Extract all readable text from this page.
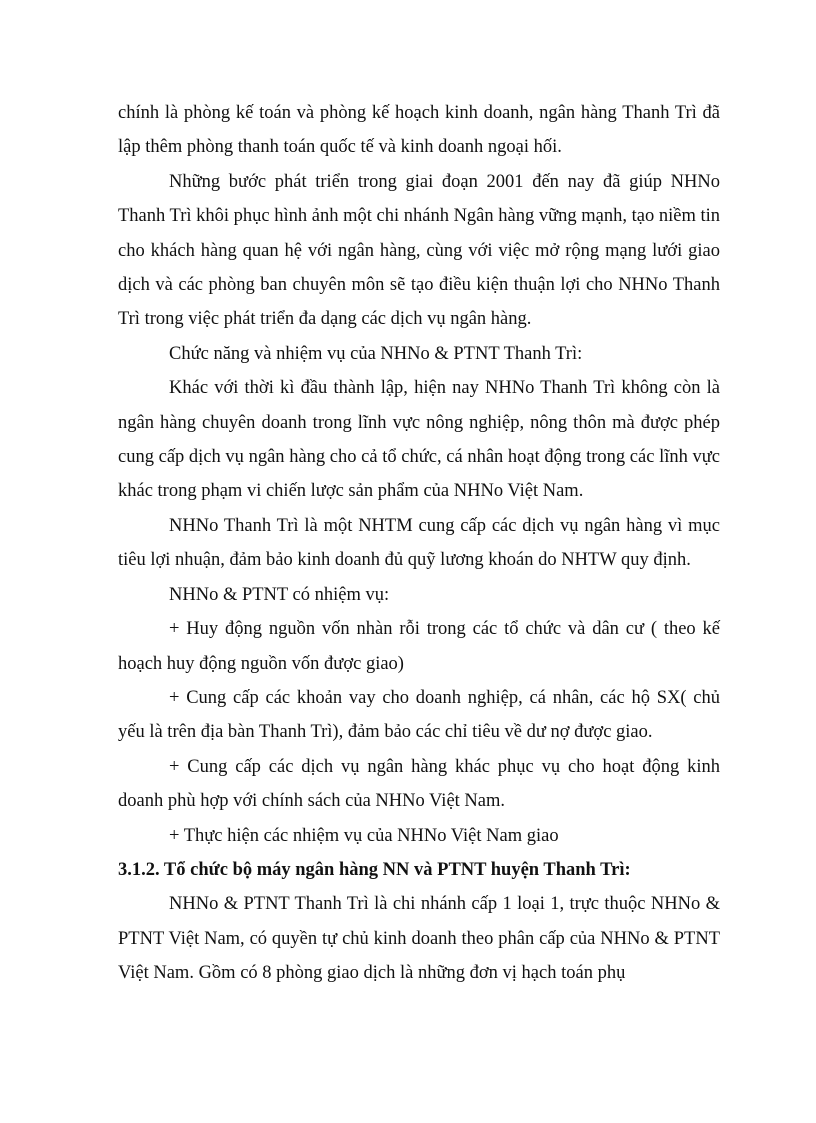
chính là phòng kế toán và phòng kế hoạch kinh doanh, ngân hàng Thanh Trì đã lập thêm phòng thanh toán quốc tế và kinh doanh ngoại hối.

Những bước phát triển trong giai đoạn 2001 đến nay đã giúp NHNo Thanh Trì khôi phục hình ảnh một chi nhánh Ngân hàng vững mạnh, tạo niềm tin cho khách hàng quan hệ với ngân hàng, cùng với việc mở rộng mạng lưới giao dịch và các phòng ban chuyên môn sẽ tạo điều kiện thuận lợi cho NHNo Thanh Trì trong việc phát triển đa dạng các dịch vụ ngân hàng.

Chức năng và nhiệm vụ của NHNo & PTNT Thanh Trì:

Khác với thời kì đầu thành lập, hiện nay NHNo Thanh Trì không còn là ngân hàng chuyên doanh trong lĩnh vực nông nghiệp, nông thôn mà được phép cung cấp dịch vụ ngân hàng cho cả tổ chức, cá nhân hoạt động trong các lĩnh vực khác trong phạm vi chiến lược sản phẩm của NHNo Việt Nam.

NHNo Thanh Trì là một NHTM cung cấp các dịch vụ ngân hàng vì mục tiêu lợi nhuận, đảm bảo kinh doanh đủ quỹ lương khoán do NHTW quy định.

NHNo & PTNT có nhiệm vụ:

+ Huy động nguồn vốn nhàn rỗi trong các tổ chức và dân cư ( theo kế hoạch huy động nguồn vốn được giao)

+ Cung cấp các khoản vay cho doanh nghiệp, cá nhân, các hộ SX( chủ yếu là trên địa bàn Thanh Trì), đảm bảo các chỉ tiêu về dư nợ được giao.

+ Cung cấp các dịch vụ ngân hàng khác phục vụ cho hoạt động kinh doanh phù hợp với chính sách của NHNo Việt Nam.

+ Thực hiện các nhiệm vụ của NHNo Việt Nam giao

3.1.2. Tổ chức bộ máy ngân hàng NN và PTNT huyện Thanh Trì:

NHNo & PTNT Thanh Trì là chi nhánh cấp 1 loại 1, trực thuộc NHNo & PTNT Việt Nam, có quyền tự chủ kinh doanh theo phân cấp của NHNo & PTNT Việt Nam. Gồm có 8 phòng giao dịch là những đơn vị hạch toán phụ
